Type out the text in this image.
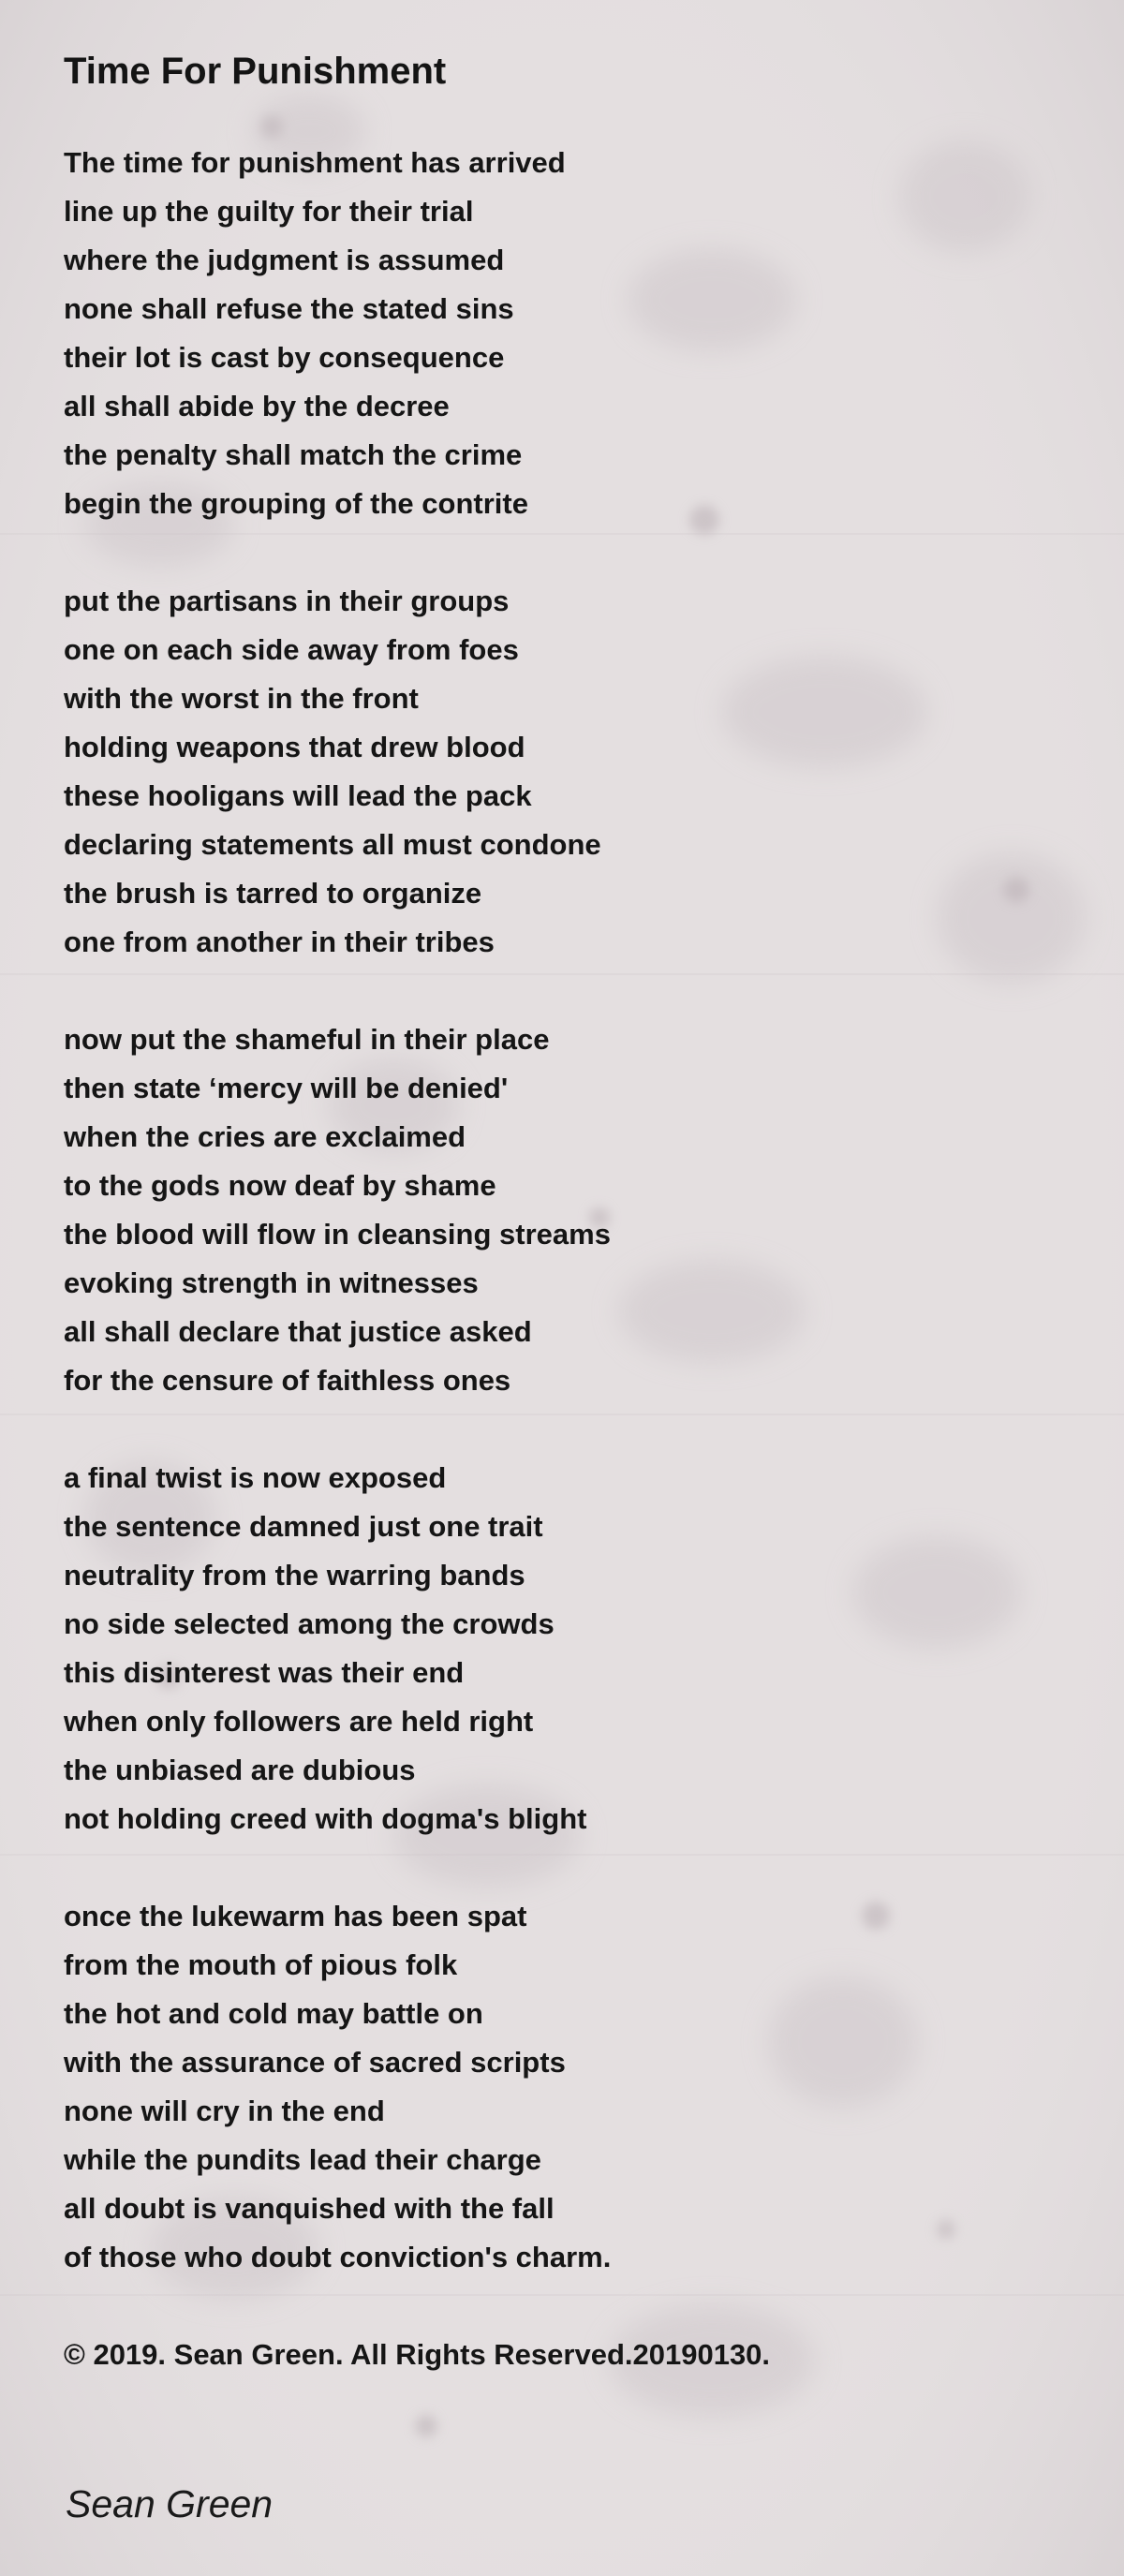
Time For Punishment
The time for punishment has arrived
line up the guilty for their trial
where the judgment is assumed
none shall refuse the stated sins
their lot is cast by consequence
all shall abide by the decree
the penalty shall match the crime
begin the grouping of the contrite
put the partisans in their groups
one on each side away from foes
with the worst in the front
holding weapons that drew blood
these hooligans will lead the pack
declaring statements all must condone
the brush is tarred to organize
one from another in their tribes
now put the shameful in their place
then state ‘mercy will be denied'
when the cries are exclaimed
to the gods now deaf by shame
the blood will flow in cleansing streams
evoking strength in witnesses
all shall declare that justice asked
for the censure of faithless ones
a final twist is now exposed
the sentence damned just one trait
neutrality from the warring bands
no side selected among the crowds
this disinterest was their end
when only followers are held right
the unbiased are dubious
not holding creed with dogma's blight
once the lukewarm has been spat
from the mouth of pious folk
the hot and cold may battle on
with the assurance of sacred scripts
none will cry in the end
while the pundits lead their charge
all doubt is vanquished with the fall
of those who doubt conviction's charm.
© 2019. Sean Green. All Rights Reserved.20190130.
Sean Green
